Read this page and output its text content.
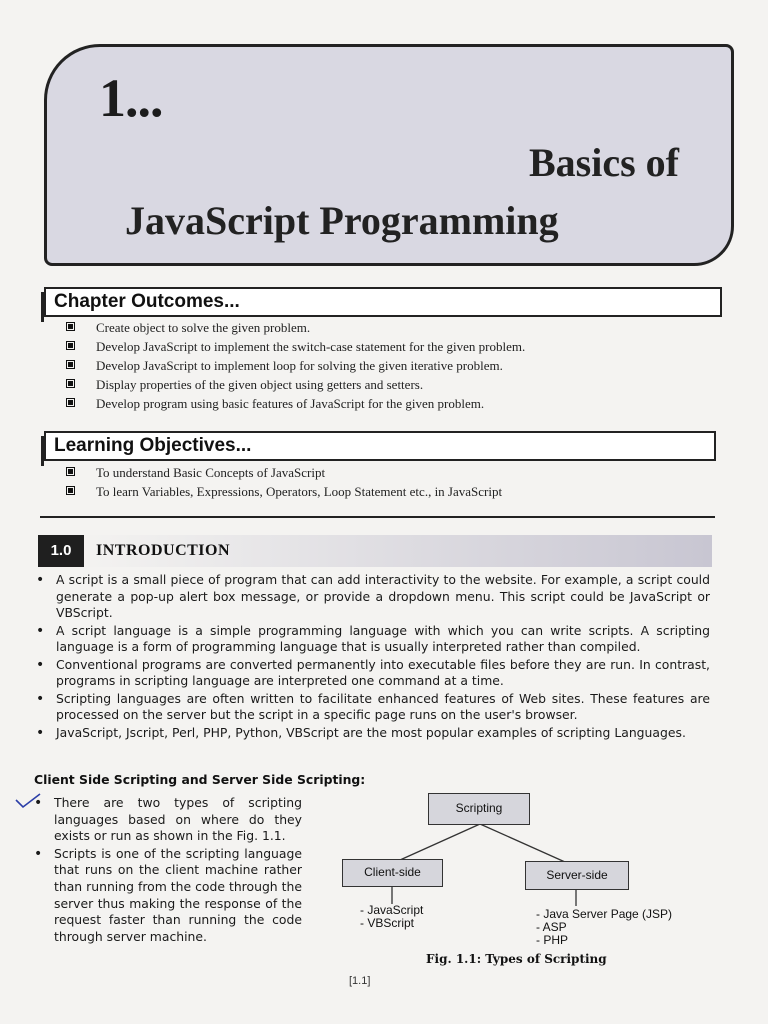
1...

Basics of

JavaScript Programming

Chapter Outcomes...
Create object to solve the given problem.
Develop JavaScript to implement the switch-case statement for the given problem.
Develop JavaScript to implement loop for solving the given iterative problem.
Display properties of the given object using getters and setters.
Develop program using basic features of JavaScript for the given problem.
Learning Objectives...
To understand Basic Concepts of JavaScript
To learn Variables, Expressions, Operators, Loop Statement etc., in JavaScript
1.0	INTRODUCTION
• A script is a small piece of program that can add interactivity to the website. For example, a script could generate a pop-up alert box message, or provide a dropdown menu. This script could be JavaScript or VBScript.
• A script language is a simple programming language with which you can write scripts. A scripting language is a form of programming language that is usually interpreted rather than compiled.
• Conventional programs are converted permanently into executable files before they are run. In contrast, programs in scripting language are interpreted one command at a time.
• Scripting languages are often written to facilitate enhanced features of Web sites. These features are processed on the server but the script in a specific page runs on the user's browser.
• JavaScript, Jscript, Perl, PHP, Python, VBScript are the most popular examples of scripting Languages.

Client Side Scripting and Server Side Scripting:

• There are two types of scripting languages based on where do they exists or run as shown in the Fig. 1.1.
• Scripts is one of the scripting language that runs on the client machine rather than running from the code through the server thus making the response of the request faster than running the code through server machine.
Scripting
Client-side	Server-side
- JavaScript
- VBScript
- Java Server Page (JSP)
- ASP
- PHP

Fig. 1.1: Types of Scripting

[1.1]
